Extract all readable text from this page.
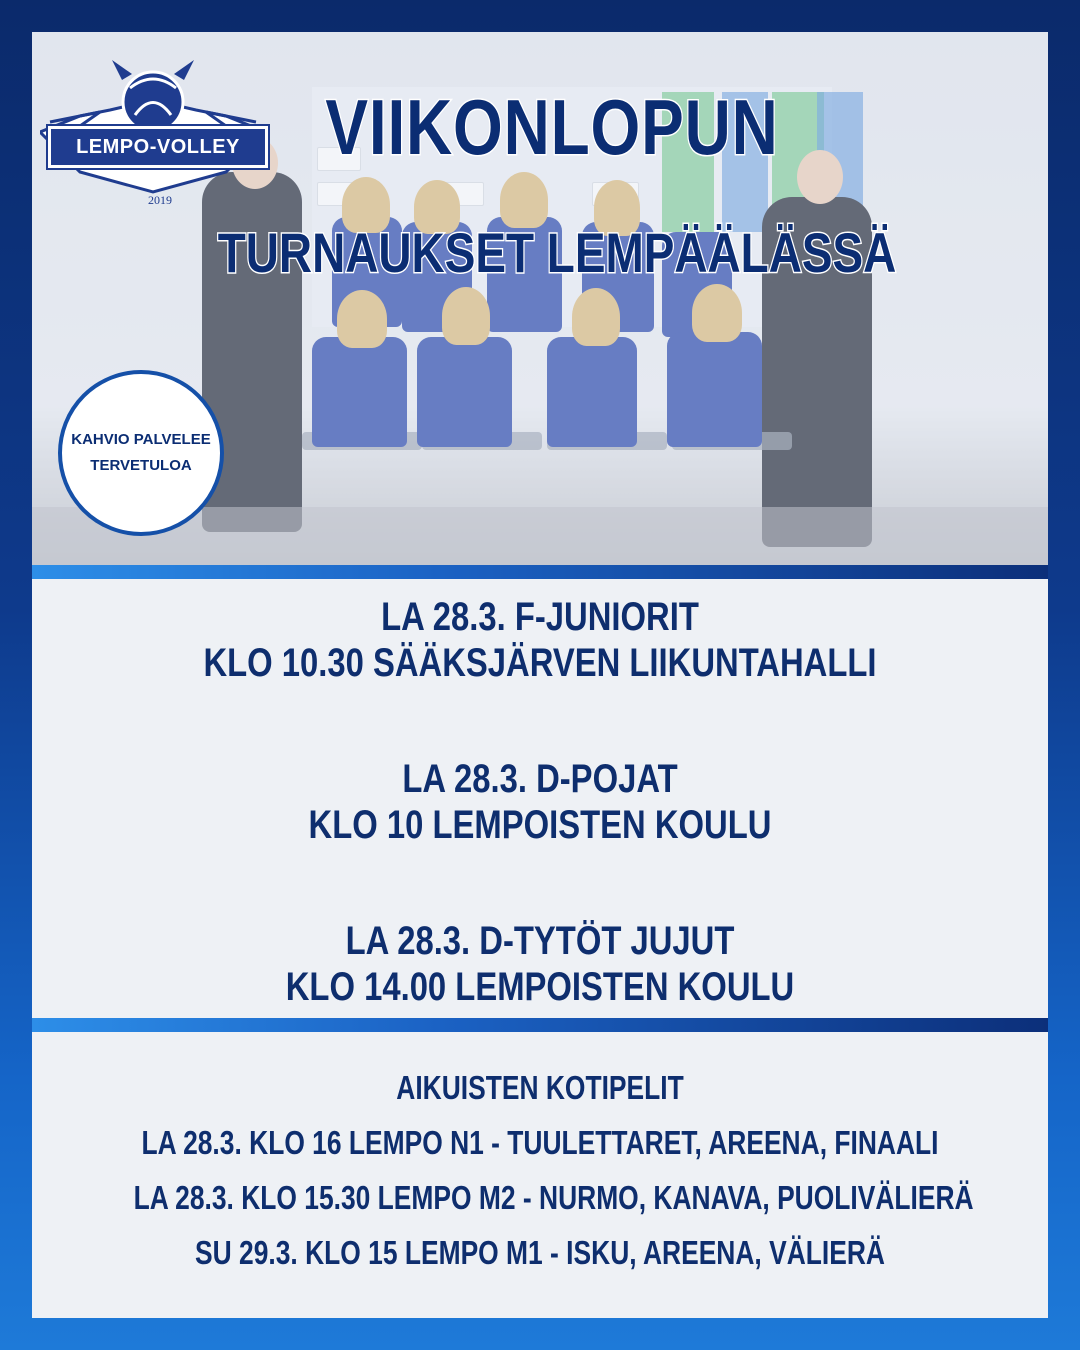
LEMPO-VOLLEY
2019
VIIKONLOPUN
TURNAUKSET LEMPÄÄLÄSSÄ
KAHVIO PALVELEE
TERVETULOA
LA 28.3. F-JUNIORIT
KLO 10.30 SÄÄKSJÄRVEN LIIKUNTAHALLI
LA 28.3. D-POJAT
KLO 10 LEMPOISTEN KOULU
LA 28.3. D-TYTÖT JUJUT
KLO 14.00 LEMPOISTEN KOULU
AIKUISTEN KOTIPELIT
LA 28.3. KLO 16 LEMPO N1 - TUULETTARET, AREENA, FINAALI
LA 28.3. KLO 15.30 LEMPO M2 - NURMO, KANAVA, PUOLIVÄLIERÄ
SU 29.3. KLO 15 LEMPO M1 - ISKU, AREENA, VÄLIERÄ
